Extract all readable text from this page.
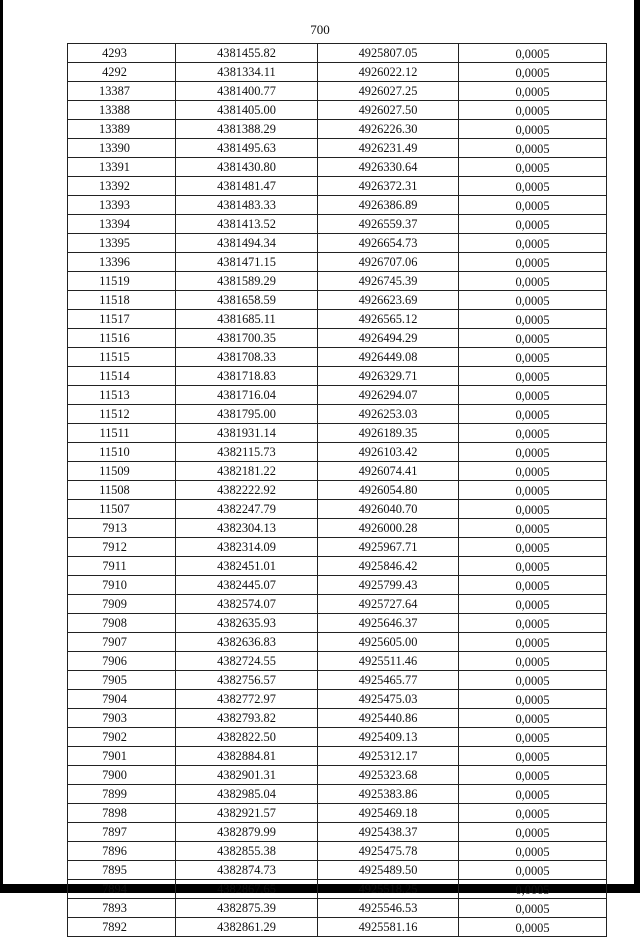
700
4293	4381455.82	4925807.05	0,0005
4292	4381334.11	4926022.12	0,0005
13387	4381400.77	4926027.25	0,0005
13388	4381405.00	4926027.50	0,0005
13389	4381388.29	4926226.30	0,0005
13390	4381495.63	4926231.49	0,0005
13391	4381430.80	4926330.64	0,0005
13392	4381481.47	4926372.31	0,0005
13393	4381483.33	4926386.89	0,0005
13394	4381413.52	4926559.37	0,0005
13395	4381494.34	4926654.73	0,0005
13396	4381471.15	4926707.06	0,0005
11519	4381589.29	4926745.39	0,0005
11518	4381658.59	4926623.69	0,0005
11517	4381685.11	4926565.12	0,0005
11516	4381700.35	4926494.29	0,0005
11515	4381708.33	4926449.08	0,0005
11514	4381718.83	4926329.71	0,0005
11513	4381716.04	4926294.07	0,0005
11512	4381795.00	4926253.03	0,0005
11511	4381931.14	4926189.35	0,0005
11510	4382115.73	4926103.42	0,0005
11509	4382181.22	4926074.41	0,0005
11508	4382222.92	4926054.80	0,0005
11507	4382247.79	4926040.70	0,0005
7913	4382304.13	4926000.28	0,0005
7912	4382314.09	4925967.71	0,0005
7911	4382451.01	4925846.42	0,0005
7910	4382445.07	4925799.43	0,0005
7909	4382574.07	4925727.64	0,0005
7908	4382635.93	4925646.37	0,0005
7907	4382636.83	4925605.00	0,0005
7906	4382724.55	4925511.46	0,0005
7905	4382756.57	4925465.77	0,0005
7904	4382772.97	4925475.03	0,0005
7903	4382793.82	4925440.86	0,0005
7902	4382822.50	4925409.13	0,0005
7901	4382884.81	4925312.17	0,0005
7900	4382901.31	4925323.68	0,0005
7899	4382985.04	4925383.86	0,0005
7898	4382921.57	4925469.18	0,0005
7897	4382879.99	4925438.37	0,0005
7896	4382855.38	4925475.78	0,0005
7895	4382874.73	4925489.50	0,0005
7894	4382867.65	4925518.25	0,0005
7893	4382875.39	4925546.53	0,0005
7892	4382861.29	4925581.16	0,0005
